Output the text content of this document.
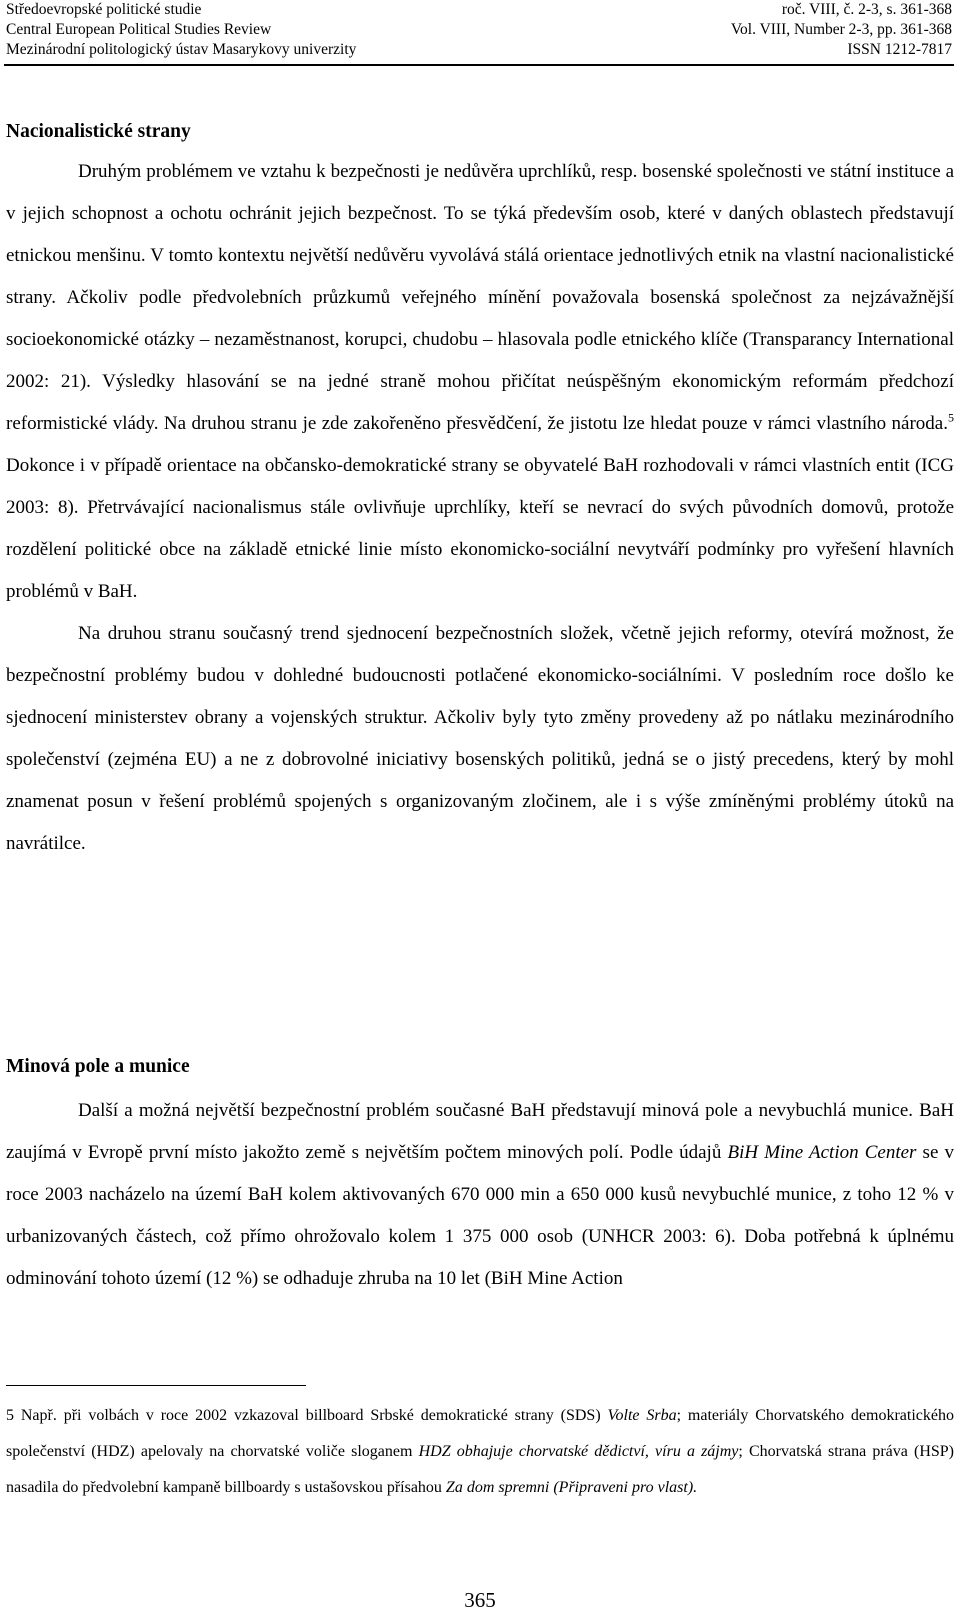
Středoevropské politické studie	roč. VIII, č. 2-3, s. 361-368
Central European Political Studies Review	Vol. VIII, Number 2-3, pp. 361-368
Mezinárodní politologický ústav Masarykovy univerzity	ISSN 1212-7817
Nacionalistické strany

Druhým problémem ve vztahu k bezpečnosti je nedůvěra uprchlíků, resp. bosenské společnosti ve státní instituce a v jejich schopnost a ochotu ochránit jejich bezpečnost. To se týká především osob, které v daných oblastech představují etnickou menšinu. V tomto kontextu největší nedůvěru vyvolává stálá orientace jednotlivých etnik na vlastní nacionalistické strany. Ačkoliv podle předvolebních průzkumů veřejného mínění považovala bosenská společnost za nejzávažnější socioekonomické otázky – nezaměstnanost, korupci, chudobu – hlasovala podle etnického klíče (Transparancy International 2002: 21). Výsledky hlasování se na jedné straně mohou přičítat neúspěšným ekonomickým reformám předchozí reformistické vlády. Na druhou stranu je zde zakořeněno přesvědčení, že jistotu lze hledat pouze v rámci vlastního národa.$^5$ Dokonce i v případě orientace na občansko-demokratické strany se obyvatelé BaH rozhodovali v rámci vlastních entit (ICG 2003: 8). Přetrvávající nacionalismus stále ovlivňuje uprchlíky, kteří se nevrací do svých původních domovů, protože rozdělení politické obce na základě etnické linie místo ekonomicko-sociální nevytváří podmínky pro vyřešení hlavních problémů v BaH.

Na druhou stranu současný trend sjednocení bezpečnostních složek, včetně jejich reformy, otevírá možnost, že bezpečnostní problémy budou v dohledné budoucnosti potlačené ekonomicko-sociálními. V posledním roce došlo ke sjednocení ministerstev obrany a vojenských struktur. Ačkoliv byly tyto změny provedeny až po nátlaku mezinárodního společenství (zejména EU) a ne z dobrovolné iniciativy bosenských politiků, jedná se o jistý precedens, který by mohl znamenat posun v řešení problémů spojených s organizovaným zločinem, ale i s výše zmíněnými problémy útoků na navrátilce.

Minová pole a munice

Další a možná největší bezpečnostní problém současné BaH představují minová pole a nevybuchlá munice. BaH zaujímá v Evropě první místo jakožto země s největším počtem minových polí. Podle údajů BiH Mine Action Center se v roce 2003 nacházelo na území BaH kolem aktivovaných 670 000 min a 650 000 kusů nevybuchlé munice, z toho 12 % v urbanizovaných částech, což přímo ohrožovalo kolem 1 375 000 osob (UNHCR 2003: 6). Doba potřebná k úplnému odminování tohoto území (12 %) se odhaduje zhruba na 10 let (BiH Mine Action

5 Např. při volbách v roce 2002 vzkazoval billboard Srbské demokratické strany (SDS) Volte Srba; materiály Chorvatského demokratického společenství (HDZ) apelovaly na chorvatské voliče sloganem HDZ obhajuje chorvatské dědictví, víru a zájmy; Chorvatská strana práva (HSP) nasadila do předvolební kampaně billboardy s ustašovskou přísahou Za dom spremni (Připraveni pro vlast).
365
